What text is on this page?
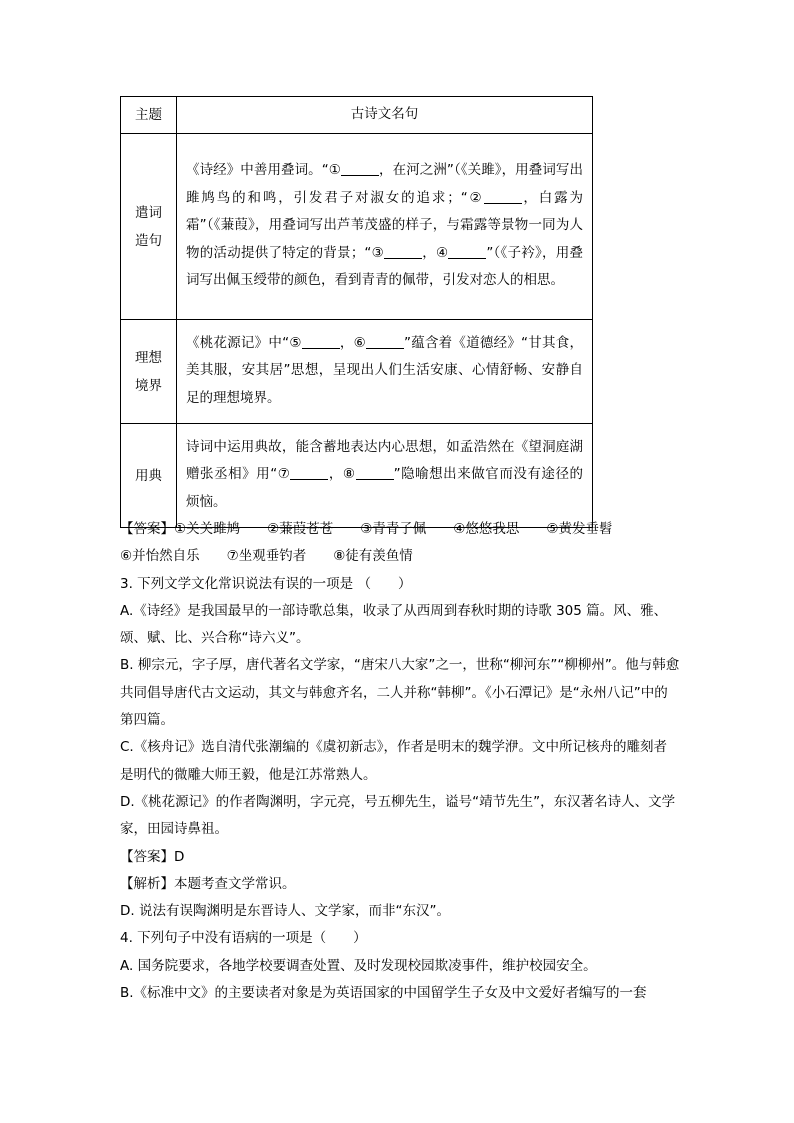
主题	古诗文名句
遣词
造句	《诗经》中善用叠词。“① ，在河之洲”（《关雎》，用叠词写出雎鸠鸟的和鸣，引发君子对淑女的追求；“② ，白露为霜”（《蒹葭》，用叠词写出芦苇茂盛的样子，与霜露等景物一同为人物的活动提供了特定的背景；“③ ，④ ”（《子衿》，用叠词写出佩玉绶带的颜色，看到青青的佩带，引发对恋人的相思。
理想
境界	《桃花源记》中“⑤ ，⑥ ”蕴含着《道德经》“甘其食，美其服，安其居”思想，呈现出人们生活安康、心情舒畅、安静自足的理想境界。
用典	诗词中运用典故，能含蓄地表达内心思想，如孟浩然在《望洞庭湖赠张丞相》用“⑦ ，⑧ ”隐喻想出来做官而没有途径的烦恼。

【答案】①关关雎鸠　　②蒹葭苍苍　　③青青子佩　　④悠悠我思　　⑤黄发垂髫

⑥并怡然自乐　　⑦坐观垂钓者　　⑧徒有羡鱼情

3. 下列文学文化常识说法有误的一项是 （　　）

A.《诗经》是我国最早的一部诗歌总集，收录了从西周到春秋时期的诗歌 305 篇。风、雅、颂、赋、比、兴合称“诗六义”。

B. 柳宗元，字子厚，唐代著名文学家，“唐宋八大家”之一，世称“柳河东”“柳柳州”。他与韩愈共同倡导唐代古文运动，其文与韩愈齐名，二人并称“韩柳”。《小石潭记》是“永州八记”中的第四篇。

C.《核舟记》选自清代张潮编的《虞初新志》，作者是明末的魏学洢。文中所记核舟的雕刻者是明代的微雕大师王毅，他是江苏常熟人。

D.《桃花源记》的作者陶渊明，字元亮，号五柳先生，谥号“靖节先生”，东汉著名诗人、文学家，田园诗鼻祖。

【答案】D

【解析】本题考查文学常识。

D. 说法有误陶渊明是东晋诗人、文学家，而非“东汉”。

4. 下列句子中没有语病的一项是（　　）

A. 国务院要求，各地学校要调查处置、及时发现校园欺凌事件，维护校园安全。

B.《标准中文》的主要读者对象是为英语国家的中国留学生子女及中文爱好者编写的一套
